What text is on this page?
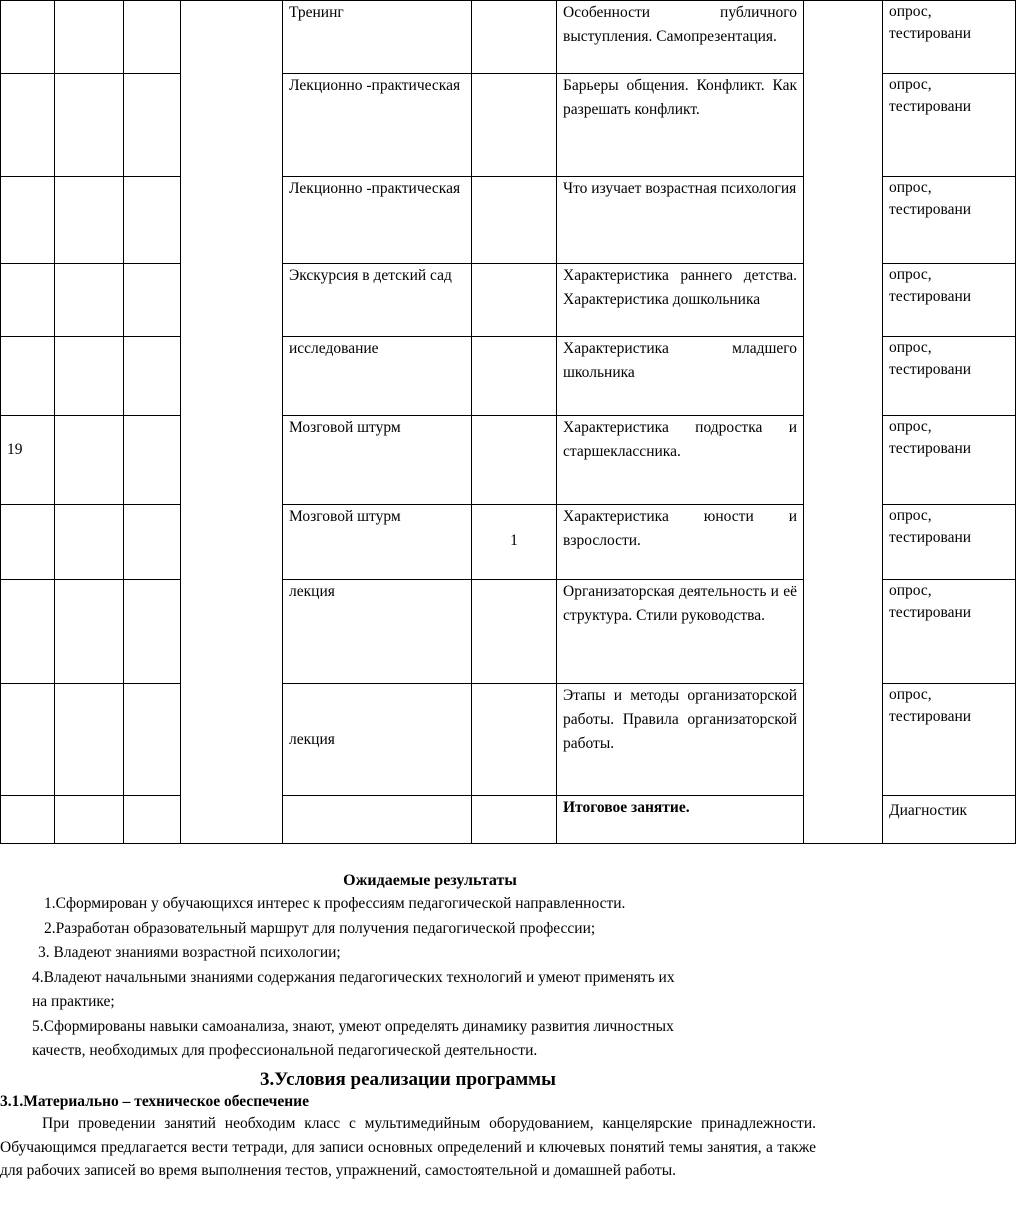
				Тренинг		Особенности публичного выступления. Самопрезентация.		опрос, тестировани

				Лекционно -практическая		Барьеры общения. Конфликт. Как разрешать конфликт.		опрос, тестировани

				Лекционно -практическая		Что изучает возрастная психология		опрос, тестировани

				Экскурсия в детский сад		Характеристика раннего детства. Характеристика дошкольника		опрос, тестировани

				исследование		Характеристика младшего школьника		опрос, тестировани

19				Мозговой штурм		Характеристика подростка и старшеклассника.		опрос, тестировани

				Мозговой штурм	1	Характеристика юности и взрослости.		опрос, тестировани

				лекция		Организаторская деятельность и её структура. Стили руководства.		опрос, тестировани

				лекция		Этапы и методы организаторской работы. Правила организаторской работы.		опрос, тестировани

						Итоговое занятие.		Диагностик
Ожидаемые результаты
1.Сформирован у обучающихся интерес к профессиям педагогической направленности.
2.Разработан образовательный маршрут для получения педагогической профессии;
3. Владеют знаниями возрастной психологии;
4.Владеют начальными знаниями содержания педагогических технологий и умеют применять их
на практике;
5.Сформированы навыки самоанализа, знают, умеют определять динамику развития личностных
качеств, необходимых для профессиональной педагогической деятельности.
3.Условия реализации программы
3.1.Материально – техническое обеспечение

При проведении занятий необходим класс с мультимедийным оборудованием, канцелярские принадлежности. Обучающимся предлагается вести тетради, для записи основных определений и ключевых понятий темы занятия, а также для рабочих записей во время выполнения тестов, упражнений, самостоятельной и домашней работы.
